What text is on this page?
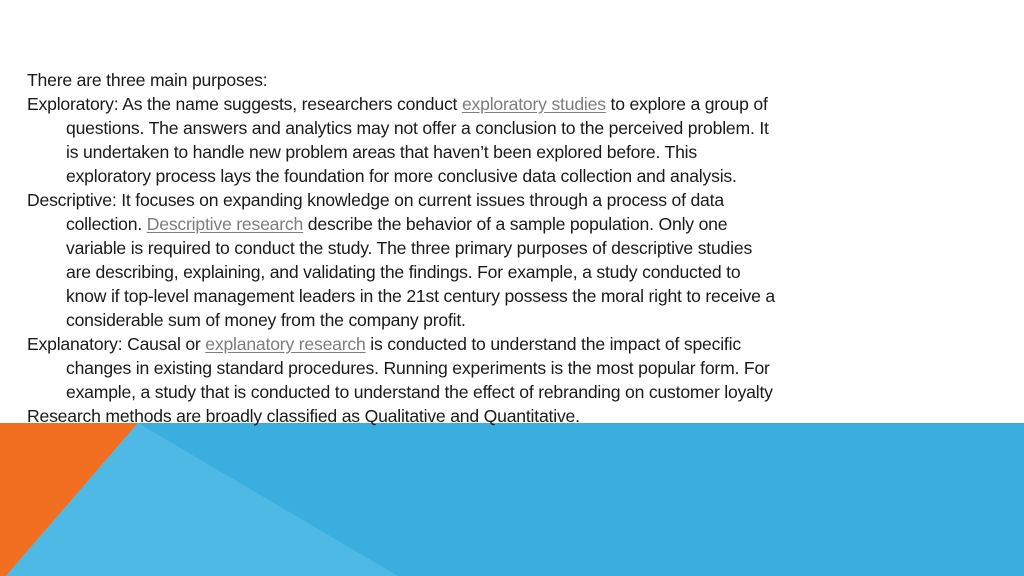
There are three main purposes:

Exploratory: As the name suggests, researchers conduct exploratory studies to explore a group of questions. The answers and analytics may not offer a conclusion to the perceived problem. It is undertaken to handle new problem areas that haven’t been explored before. This exploratory process lays the foundation for more conclusive data collection and analysis.

Descriptive: It focuses on expanding knowledge on current issues through a process of data collection. Descriptive research describe the behavior of a sample population. Only one variable is required to conduct the study. The three primary purposes of descriptive studies are describing, explaining, and validating the findings. For example, a study conducted to know if top-level management leaders in the 21st century possess the moral right to receive a considerable sum of money from the company profit.

Explanatory: Causal or explanatory research is conducted to understand the impact of specific changes in existing standard procedures. Running experiments is the most popular form. For example, a study that is conducted to understand the effect of rebranding on customer loyalty

Research methods are broadly classified as Qualitative and Quantitative.
